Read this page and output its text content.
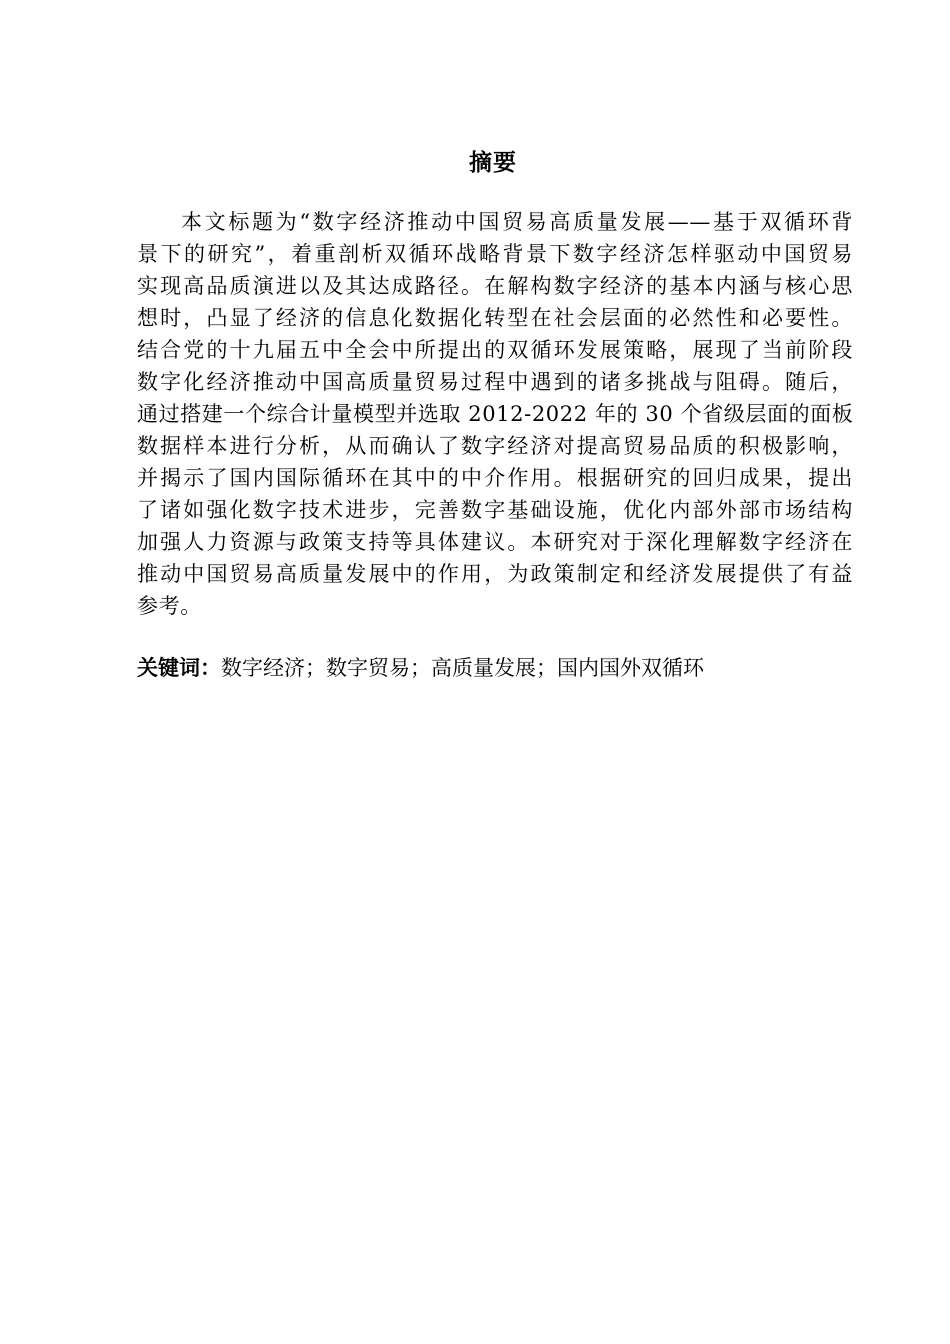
摘要
本文标题为“数字经济推动中国贸易高质量发展——基于双循环背
景下的研究”，着重剖析双循环战略背景下数字经济怎样驱动中国贸易
实现高品质演进以及其达成路径。在解构数字经济的基本内涵与核心思
想时，凸显了经济的信息化数据化转型在社会层面的必然性和必要性。
结合党的十九届五中全会中所提出的双循环发展策略，展现了当前阶段
数字化经济推动中国高质量贸易过程中遇到的诸多挑战与阻碍。随后，
通过搭建一个综合计量模型并选取 2012-2022 年的 30 个省级层面的面板
数据样本进行分析，从而确认了数字经济对提高贸易品质的积极影响，
并揭示了国内国际循环在其中的中介作用。根据研究的回归成果，提出
了诸如强化数字技术进步，完善数字基础设施，优化内部外部市场结构
加强人力资源与政策支持等具体建议。本研究对于深化理解数字经济在
推动中国贸易高质量发展中的作用，为政策制定和经济发展提供了有益
参考。
关键词：数字经济；数字贸易；高质量发展；国内国外双循环
